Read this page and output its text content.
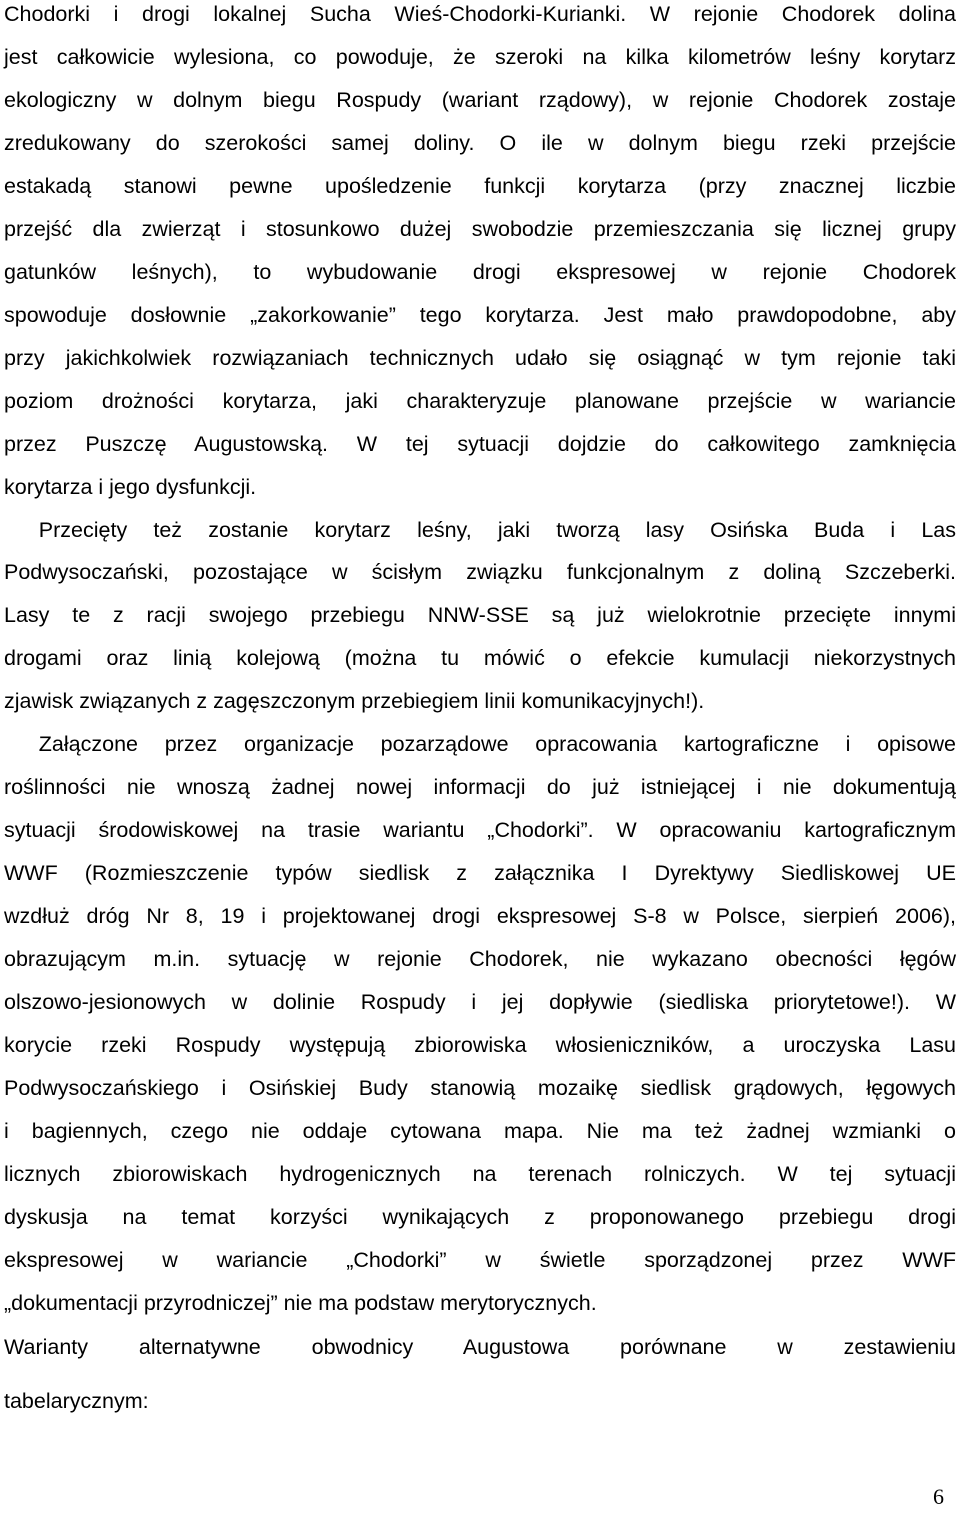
Chodorki i drogi lokalnej Sucha Wieś-Chodorki-Kurianki. W rejonie Chodorek dolina
jest całkowicie wylesiona, co powoduje, że szeroki na kilka kilometrów leśny korytarz
ekologiczny w dolnym biegu Rospudy (wariant rządowy), w rejonie Chodorek zostaje
zredukowany do szerokości samej doliny. O ile w dolnym biegu rzeki przejście
estakadą stanowi pewne upośledzenie funkcji korytarza (przy znacznej liczbie
przejść dla zwierząt i stosunkowo dużej swobodzie przemieszczania się licznej grupy
gatunków leśnych), to wybudowanie drogi ekspresowej w rejonie Chodorek
spowoduje dosłownie „zakorkowanie” tego korytarza. Jest mało prawdopodobne, aby
przy jakichkolwiek rozwiązaniach technicznych udało się osiągnąć w tym rejonie taki
poziom drożności korytarza, jaki charakteryzuje planowane przejście w wariancie
przez Puszczę Augustowską. W tej sytuacji dojdzie do całkowitego zamknięcia
korytarza i jego dysfunkcji.
Przecięty też zostanie korytarz leśny, jaki tworzą lasy Osińska Buda i Las
Podwysoczański, pozostające w ścisłym związku funkcjonalnym z doliną Szczeberki.
Lasy te z racji swojego przebiegu NNW-SSE są już wielokrotnie przecięte innymi
drogami oraz linią kolejową (można tu mówić o efekcie kumulacji niekorzystnych
zjawisk związanych z zagęszczonym przebiegiem linii komunikacyjnych!).
Załączone przez organizacje pozarządowe opracowania kartograficzne i opisowe
roślinności nie wnoszą żadnej nowej informacji do już istniejącej i nie dokumentują
sytuacji środowiskowej na trasie wariantu „Chodorki”. W opracowaniu kartograficznym
WWF (Rozmieszczenie typów siedlisk z załącznika I Dyrektywy Siedliskowej UE
wzdłuż dróg Nr 8, 19 i projektowanej drogi ekspresowej S-8 w Polsce, sierpień 2006),
obrazującym m.in. sytuację w rejonie Chodorek, nie wykazano obecności łęgów
olszowo-jesionowych w dolinie Rospudy i jej dopływie (siedliska priorytetowe!). W
korycie rzeki Rospudy występują zbiorowiska włosieniczników, a uroczyska Lasu
Podwysoczańskiego i Osińskiej Budy stanowią mozaikę siedlisk grądowych, łęgowych
i bagiennych, czego nie oddaje cytowana mapa. Nie ma też żadnej wzmianki o
licznych zbiorowiskach hydrogenicznych na terenach rolniczych. W tej sytuacji
dyskusja na temat korzyści wynikających z proponowanego przebiegu drogi
ekspresowej w wariancie „Chodorki” w świetle sporządzonej przez WWF
„dokumentacji przyrodniczej” nie ma podstaw merytorycznych.
Warianty alternatywne obwodnicy Augustowa porównane w zestawieniu
tabelarycznym:
6
